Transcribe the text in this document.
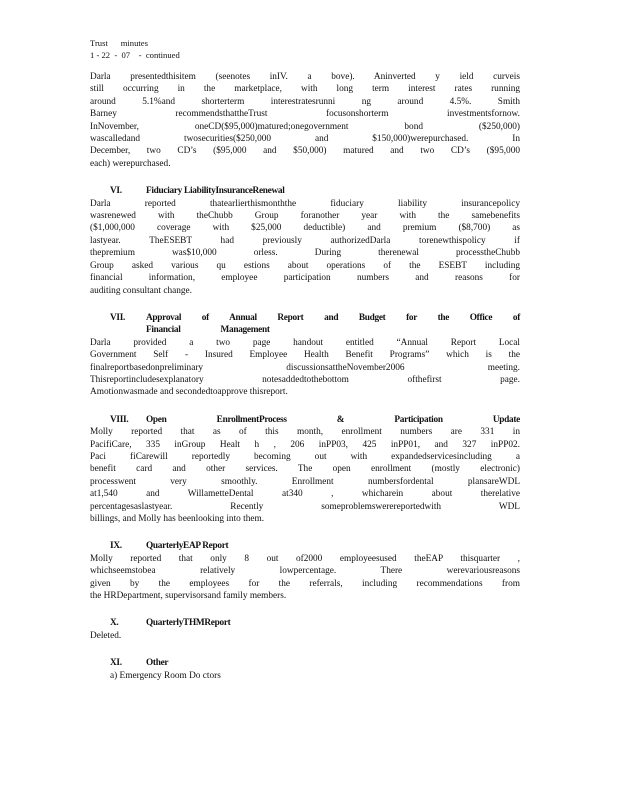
Trust      minutes
1 - 22  -  07    -  continued
Darla presentedthisitem (seenotes inIV. a bove). Aninverted y ield curveis
still occurring in the marketplace, with long term interest rates running
around 5.1%and shorterterm interestratesrunni ng around 4.5%. Smith
Barney recommendsthattheTrust focusonshorterm investmentsfornow.
InNovember, oneCD($95,000)matured;onegovernment bond ($250,000)
wascalledand twosecurities($250,000 and $150,000)werepurchased. In
December, two CD’s ($95,000 and $50,000) matured and two CD’s ($95,000
each) werepurchased.
VI.	Fiduciary LiabilityInsuranceRenewal
Darla reported thatearlierthismonththe fiduciary liability insurancepolicy
wasrenewed with theChubb Group foranother year with the samebenefits
($1,000,000 coverage with $25,000 deductible) and premium ($8,700) as
lastyear. TheESEBT had previously authorizedDarla torenewthispolicy if
thepremium was$10,000 orless. During therenewal processtheChubb
Group asked various qu estions about operations of the ESEBT including
financial information, employee participation numbers and reasons for
auditing consultant change.
VII.	Approval of Annual Report and Budget for the Office of
Financial Management
Darla provided a two page handout entitled “Annual Report Local
Government Self - Insured Employee Health Benefit Programs” which is the
finalreportbasedonpreliminary discussionsattheNovember2006 meeting.
Thisreportincludesexplanatory notesaddedtothebottom ofthefirst page.
Amotionwasmade and secondedtoapprove thisreport.
VIII.	Open EnrollmentProcess & Participation Update
Molly reported that as of this month, enrollment numbers are 331 in
PacifiCare, 335 inGroup Healt h , 206 inPP03, 425 inPP01, and 327 inPP02.
Paci fiCarewill reportedly becoming out with expandedservicesincluding a
benefit card and other services. The open enrollment (mostly electronic)
processwent very smoothly. Enrollment numbersfordental plansareWDL
at1,540 and WillametteDental at340 , whicharein about therelative
percentagesaslastyear. Recently someproblemswerereportedwith WDL
billings, and Molly has beenlooking into them.
IX.	QuarterlyEAP Report
Molly reported that only 8 out of2000 employeesused theEAP thisquarter ,
whichseemstobea relatively lowpercentage. There werevariousreasons
given by the employees for the referrals, including recommendations from
the HRDepartment, supervisorsand family members.
X.	QuarterlyTHMReport
Deleted.
XI.	Other
a) Emergency Room Do ctors
